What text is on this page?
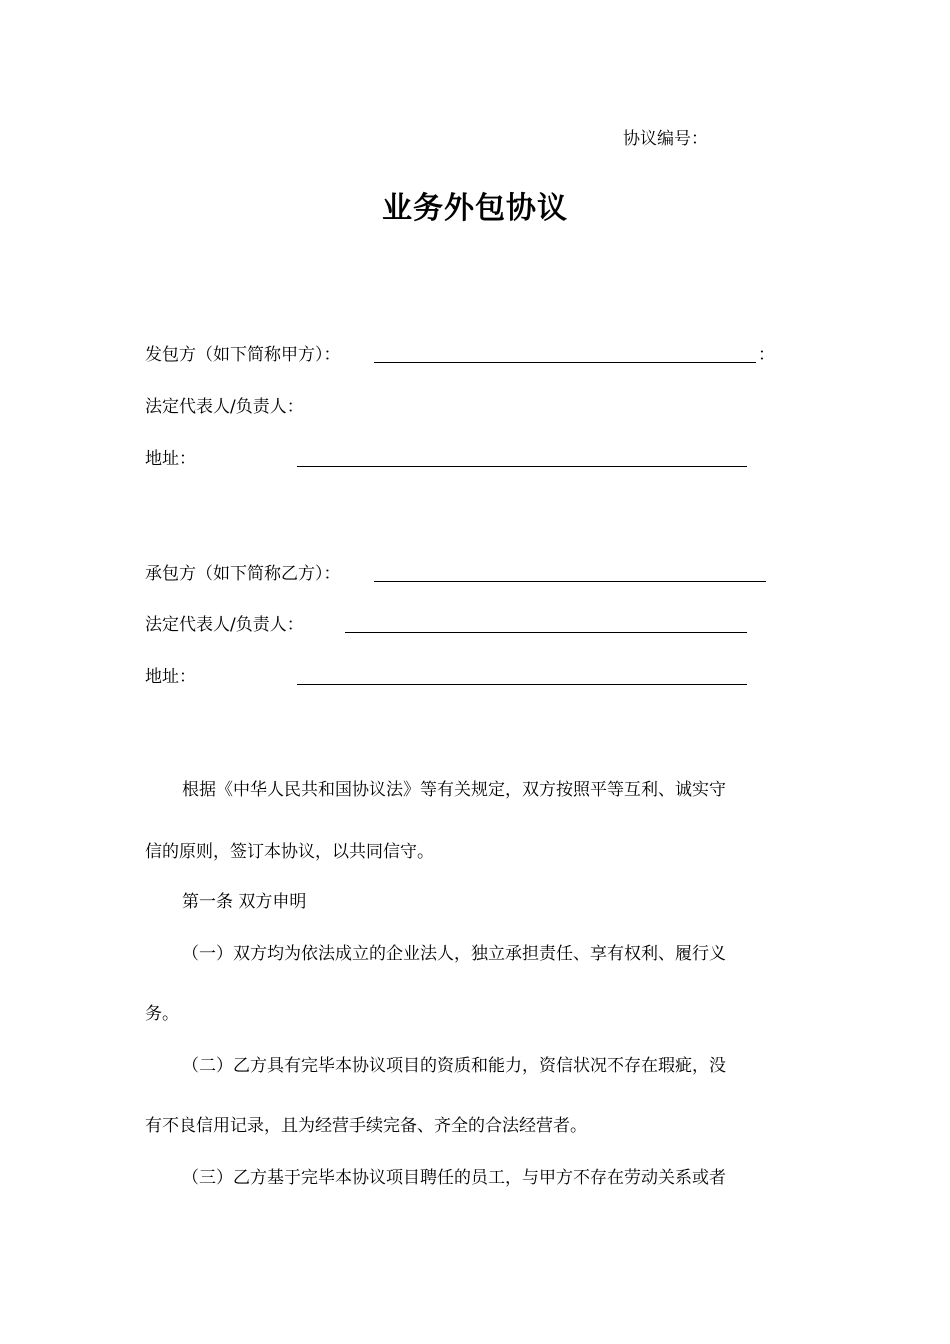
协议编号：
业务外包协议
发包方（如下简称甲方）：	：
法定代表人/负责人：
地址：
承包方（如下简称乙方）：
法定代表人/负责人：
地址：
根据《中华人民共和国协议法》等有关规定，双方按照平等互利、诚实守
信的原则，签订本协议，以共同信守。
第一条 双方申明
（一）双方均为依法成立的企业法人，独立承担责任、享有权利、履行义
务。
（二）乙方具有完毕本协议项目的资质和能力，资信状况不存在瑕疵，没
有不良信用记录，且为经营手续完备、齐全的合法经营者。
（三）乙方基于完毕本协议项目聘任的员工，与甲方不存在劳动关系或者
